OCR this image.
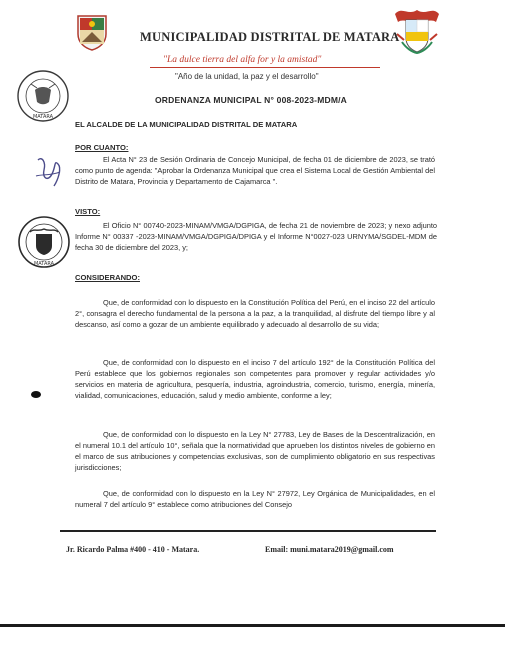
MUNICIPALIDAD DISTRITAL DE MATARA
"La dulce tierra del alfa for y la amistad"
"Año de la unidad, la paz y el desarrollo"
MATARA
MATARA
ORDENANZA MUNICIPAL N° 008-2023-MDM/A
EL ALCALDE DE LA MUNICIPALIDAD DISTRITAL DE MATARA
POR CUANTO:
El Acta N° 23 de Sesión Ordinaria de Concejo Municipal, de fecha 01 de diciembre de 2023, se trató como punto de agenda: "Aprobar la Ordenanza Municipal que crea el Sistema Local de Gestión Ambiental del Distrito de Matara, Provincia y Departamento de Cajamarca ".
VISTO:
El Oficio N° 00740-2023-MINAM/VMGA/DGPIGA, de fecha 21 de noviembre de 2023; y nexo adjunto Informe N° 00337 -2023-MINAM/VMGA/DGPIGA/DPIGA y el Informe N°0027-023 URNYMA/SGDEL-MDM de fecha 30 de diciembre del 2023, y;
CONSIDERANDO:
Que, de conformidad con lo dispuesto en la Constitución Política del Perú, en el inciso 22 del artículo 2°, consagra el derecho fundamental de la persona a la paz, a la tranquilidad, al disfrute del tiempo libre y al descanso, así como a gozar de un ambiente equilibrado y adecuado al desarrollo de su vida;
Que, de conformidad con lo dispuesto en el inciso 7 del artículo 192° de la Constitución Política del Perú establece que los gobiernos regionales son competentes para promover y regular actividades y/o servicios en materia de agricultura, pesquería, industria, agroindustria, comercio, turismo, energía, minería, vialidad, comunicaciones, educación, salud y medio ambiente, conforme a ley;
Que, de conformidad con lo dispuesto en la Ley N° 27783, Ley de Bases de la Descentralización, en el numeral 10.1 del artículo 10°, señala que la normatividad que aprueben los distintos niveles de gobierno en el marco de sus atribuciones y competencias exclusivas, son de cumplimiento obligatorio en sus respectivas jurisdicciones;
Que, de conformidad con lo dispuesto en la Ley N° 27972, Ley Orgánica de Municipalidades, en el numeral 7 del artículo 9° establece como atribuciones del Consejo
Jr. Ricardo Palma #400 - 410 - Matara.	Email: muni.matara2019@gmail.com
